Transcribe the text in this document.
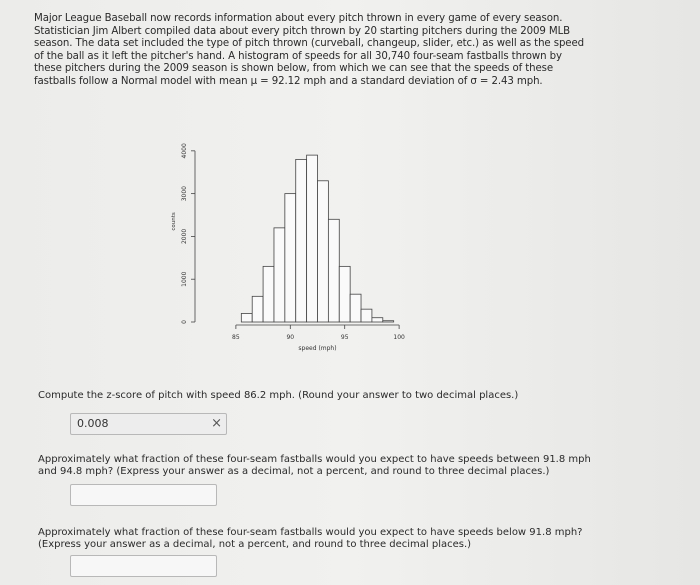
Major League Baseball now records information about every pitch thrown in every game of every season.

Statistician Jim Albert compiled data about every pitch thrown by 20 starting pitchers during the 2009 MLB

season. The data set included the type of pitch thrown (curveball, changeup, slider, etc.) as well as the speed

of the ball as it left the pitcher's hand. A histogram of speeds for all 30,740 four-seam fastballs thrown by

these pitchers during the 2009 season is shown below, from which we can see that the speeds of these

fastballs follow a Normal model with mean μ = 92.12 mph and a standard deviation of σ = 2.43 mph.

85	90	95	100
speed (mph)
0
1000
2000
3000
4000
counts
Compute the z-score of pitch with speed 86.2 mph. (Round your answer to two decimal places.)
0.008	×
Approximately what fraction of these four-seam fastballs would you expect to have speeds between 91.8 mph
and 94.8 mph? (Express your answer as a decimal, not a percent, and round to three decimal places.)
Approximately what fraction of these four-seam fastballs would you expect to have speeds below 91.8 mph?
(Express your answer as a decimal, not a percent, and round to three decimal places.)
